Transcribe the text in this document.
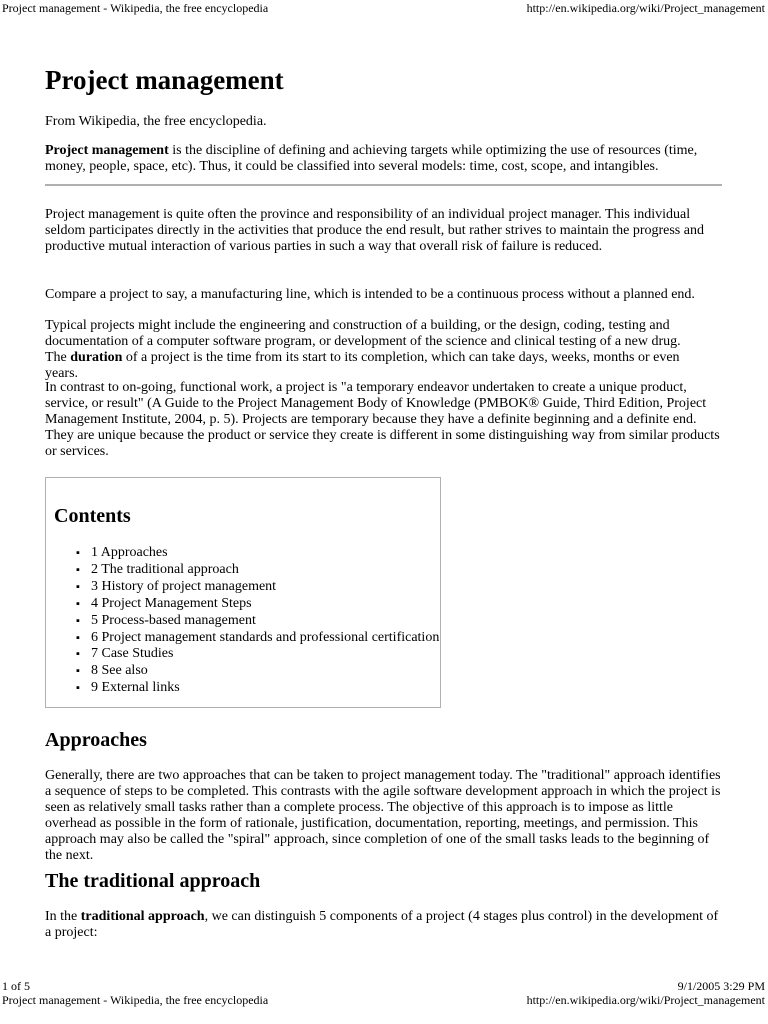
Project management - Wikipedia, the free encyclopedia	http://en.wikipedia.org/wiki/Project_management
Project management

From Wikipedia, the free encyclopedia.

Project management is the discipline of defining and achieving targets while optimizing the use of resources (time, money, people, space, etc). Thus, it could be classified into several models: time, cost, scope, and intangibles.

Project management is quite often the province and responsibility of an individual project manager. This individual seldom participates directly in the activities that produce the end result, but rather strives to maintain the progress and productive mutual interaction of various parties in such a way that overall risk of failure is reduced.

Compare a project to say, a manufacturing line, which is intended to be a continuous process without a planned end.

Typical projects might include the engineering and construction of a building, or the design, coding, testing and documentation of a computer software program, or development of the science and clinical testing of a new drug. The duration of a project is the time from its start to its completion, which can take days, weeks, months or even years.

In contrast to on-going, functional work, a project is "a temporary endeavor undertaken to create a unique product, service, or result" (A Guide to the Project Management Body of Knowledge (PMBOK® Guide, Third Edition, Project Management Institute, 2004, p. 5). Projects are temporary because they have a definite beginning and a definite end. They are unique because the product or service they create is different in some distinguishing way from similar products or services.

Contents
▪ 1 Approaches
▪ 2 The traditional approach
▪ 3 History of project management
▪ 4 Project Management Steps
▪ 5 Process-based management
▪ 6 Project management standards and professional certification
▪ 7 Case Studies
▪ 8 See also
▪ 9 External links
Approaches

Generally, there are two approaches that can be taken to project management today. The "traditional" approach identifies a sequence of steps to be completed. This contrasts with the agile software development approach in which the project is seen as relatively small tasks rather than a complete process. The objective of this approach is to impose as little overhead as possible in the form of rationale, justification, documentation, reporting, meetings, and permission. This approach may also be called the "spiral" approach, since completion of one of the small tasks leads to the beginning of the next.

The traditional approach

In the traditional approach, we can distinguish 5 components of a project (4 stages plus control) in the development of a project:

1 of 5	9/1/2005 3:29 PM
Project management - Wikipedia, the free encyclopedia	http://en.wikipedia.org/wiki/Project_management
